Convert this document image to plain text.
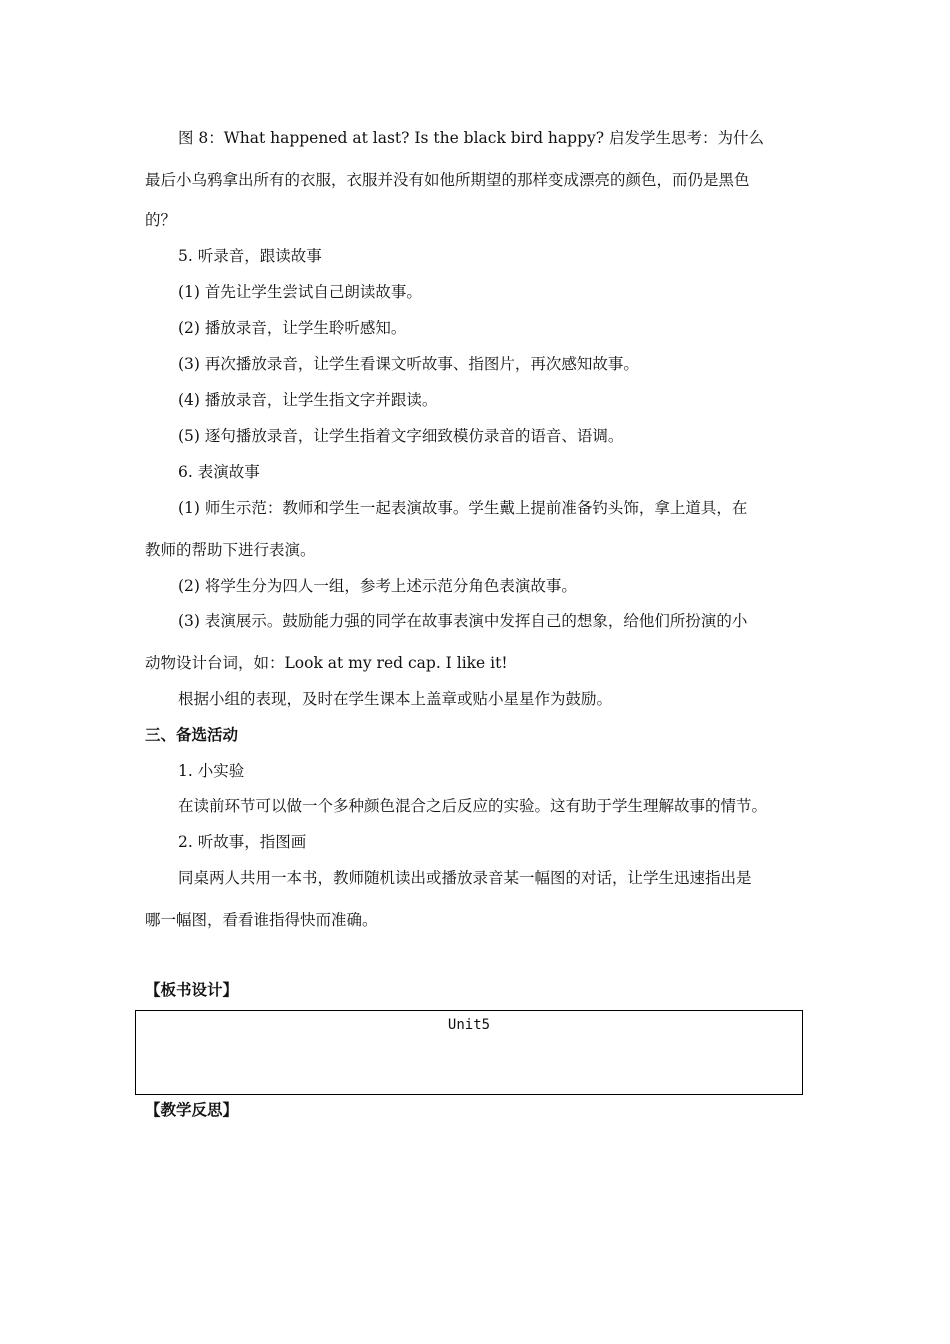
图 8：What happened at last? Is the black bird happy? 启发学生思考：为什么
最后小乌鸦拿出所有的衣服，衣服并没有如他所期望的那样变成漂亮的颜色，而仍是黑色
的？
5. 听录音，跟读故事
(1) 首先让学生尝试自己朗读故事。
(2) 播放录音，让学生聆听感知。
(3) 再次播放录音，让学生看课文听故事、指图片，再次感知故事。
(4) 播放录音，让学生指文字并跟读。
(5) 逐句播放录音，让学生指着文字细致模仿录音的语音、语调。
6. 表演故事
(1) 师生示范：教师和学生一起表演故事。学生戴上提前准备钓头饰，拿上道具，在
教师的帮助下进行表演。
(2) 将学生分为四人一组，参考上述示范分角色表演故事。
(3) 表演展示。鼓励能力强的同学在故事表演中发挥自己的想象，给他们所扮演的小
动物设计台词，如：Look at my red cap. I like it!
根据小组的表现，及时在学生课本上盖章或贴小星星作为鼓励。
三、备选活动
1. 小实验
在读前环节可以做一个多种颜色混合之后反应的实验。这有助于学生理解故事的情节。
2. 听故事，指图画
同桌两人共用一本书，教师随机读出或播放录音某一幅图的对话，让学生迅速指出是
哪一幅图，看看谁指得快而准确。
【板书设计】
Unit5
【教学反思】
